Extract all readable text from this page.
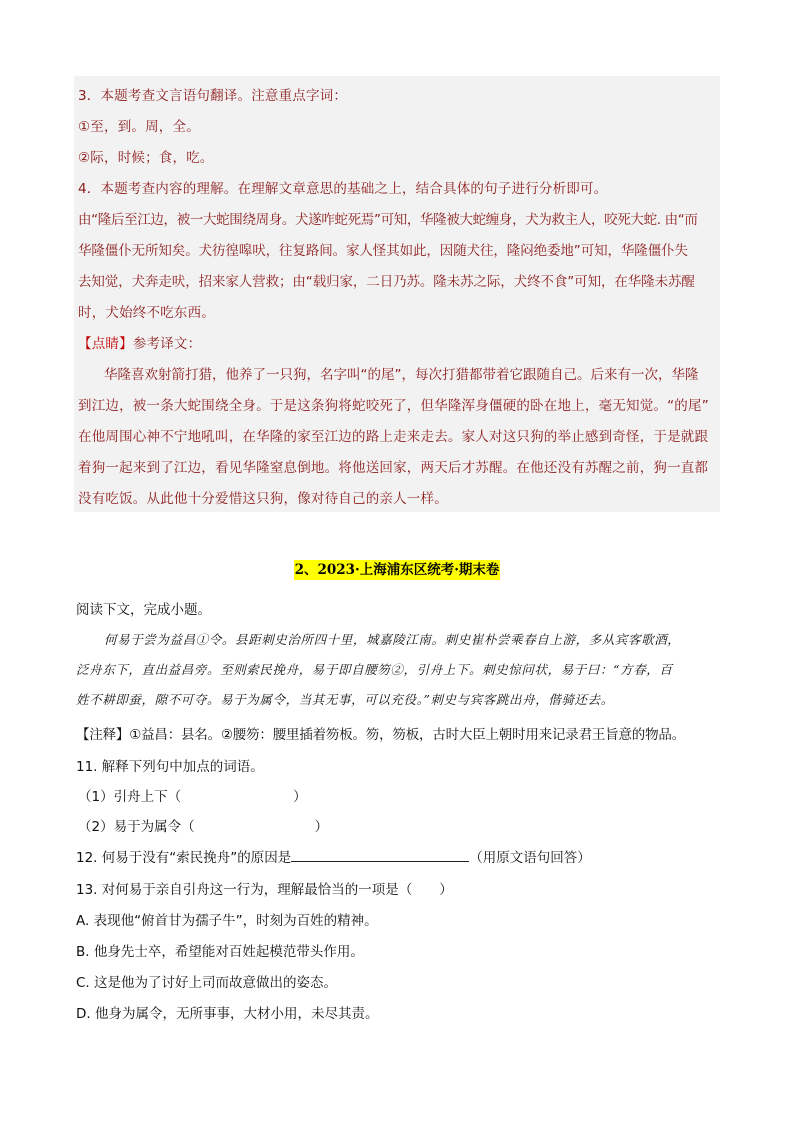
3．本题考查文言语句翻译。注意重点字词：
①至，到。周，全。
②际，时候；食，吃。
4．本题考查内容的理解。在理解文章意思的基础之上，结合具体的句子进行分析即可。
由“隆后至江边，被一大蛇围绕周身。犬遂咋蛇死焉”可知，华隆被大蛇缠身，犬为救主人，咬死大蛇. 由“而
华隆僵仆无所知矣。犬彷徨嗥吠，往复路间。家人怪其如此，因随犬往，隆闷绝委地”可知，华隆僵仆失
去知觉，犬奔走吠，招来家人营救；由“载归家，二日乃苏。隆未苏之际，犬终不食”可知，在华隆未苏醒
时，犬始终不吃东西。
【点睛】参考译文：
华隆喜欢射箭打猎，他养了一只狗，名字叫“的尾”，每次打猎都带着它跟随自己。后来有一次，华隆
到江边，被一条大蛇围绕全身。于是这条狗将蛇咬死了，但华隆浑身僵硬的卧在地上，毫无知觉。“的尾”
在他周围心神不宁地吼叫，在华隆的家至江边的路上走来走去。家人对这只狗的举止感到奇怪，于是就跟
着狗一起来到了江边，看见华隆窒息倒地。将他送回家，两天后才苏醒。在他还没有苏醒之前，狗一直都
没有吃饭。从此他十分爱惜这只狗，像对待自己的亲人一样。
2、2023·上海浦东区统考·期末卷
阅读下文，完成小题。
何易于尝为益昌①令。县距刺史治所四十里，城嘉陵江南。刺史崔朴尝乘春自上游，多从宾客歌酒，
泛舟东下，直出益昌旁。至则索民挽舟，易于即自腰笏②，引舟上下。刺史惊问状，易于曰：“方春，百
姓不耕即蚕，隙不可夺。易于为属令，当其无事，可以充役。”刺史与宾客跳出舟，偕骑还去。
【注释】①益昌：县名。②腰笏：腰里插着笏板。笏，笏板，古时大臣上朝时用来记录君王旨意的物品。
11. 解释下列句中加点的词语。
（1）引舟上下（	）
（2）易于为属令（	）
12. 何易于没有“索民挽舟”的原因是	（用原文语句回答）
13. 对何易于亲自引舟这一行为，理解最恰当的一项是（　　）
A. 表现他“俯首甘为孺子牛”，时刻为百姓的精神。
B. 他身先士卒，希望能对百姓起模范带头作用。
C. 这是他为了讨好上司而故意做出的姿态。
D. 他身为属令，无所事事，大材小用，未尽其责。
